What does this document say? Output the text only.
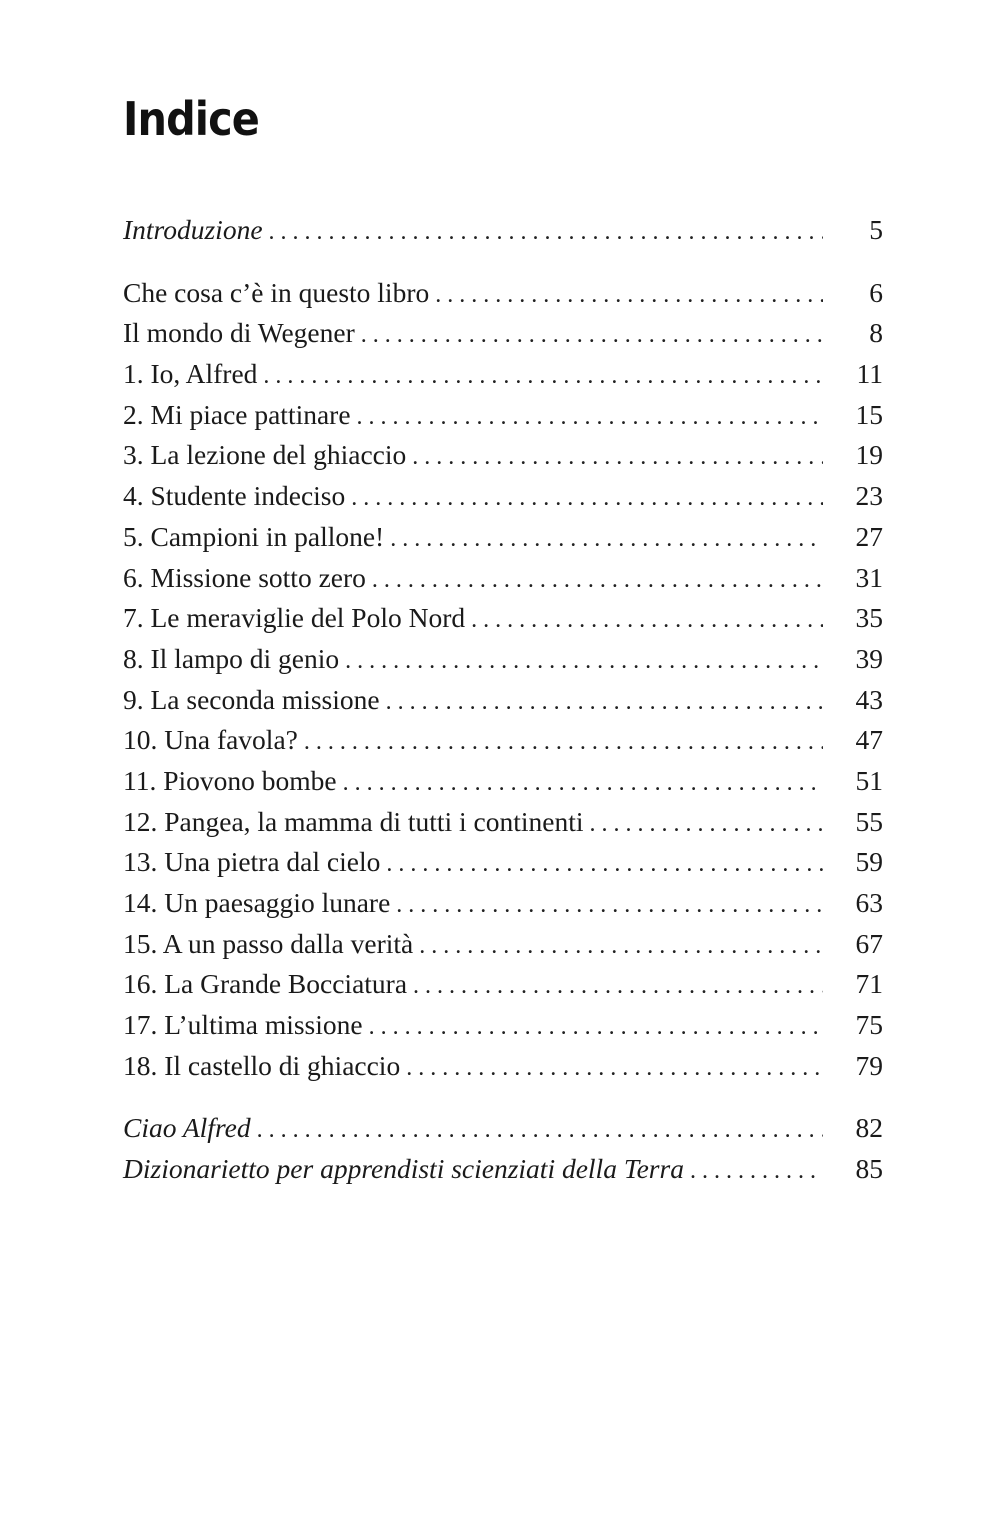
Indice
Introduzione . . .	5
Che cosa c’è in questo libro . . .	6
Il mondo di Wegener . . .	8
1. Io, Alfred . . .	11
2. Mi piace pattinare . . .	15
3. La lezione del ghiaccio . . .	19
4. Studente indeciso . . .	23
5. Campioni in pallone! . . .	27
6. Missione sotto zero . . .	31
7. Le meraviglie del Polo Nord . . .	35
8. Il lampo di genio . . .	39
9. La seconda missione . . .	43
10. Una favola? . . .	47
11. Piovono bombe . . .	51
12. Pangea, la mamma di tutti i continenti . . .	55
13. Una pietra dal cielo . . .	59
14. Un paesaggio lunare . . .	63
15. A un passo dalla verità . . .	67
16. La Grande Bocciatura . . .	71
17. L’ultima missione . . .	75
18. Il castello di ghiaccio . . .	79
Ciao Alfred . . .	82
Dizionarietto per apprendisti scienziati della Terra . . .	85
